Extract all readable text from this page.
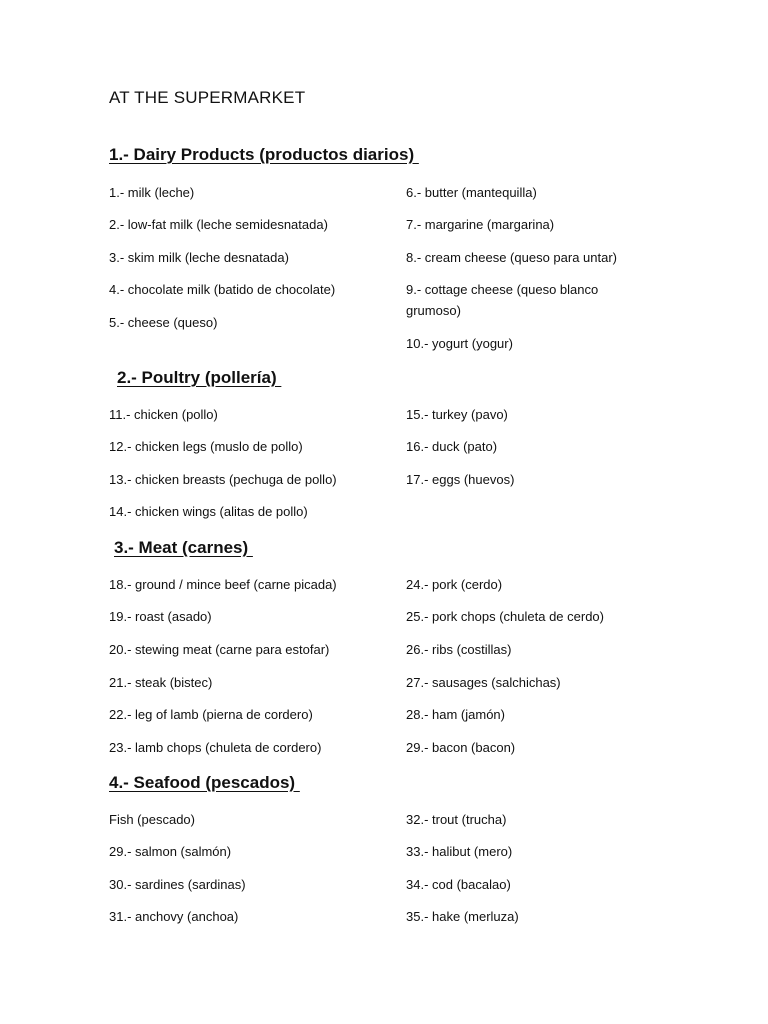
AT THE SUPERMARKET
1.- Dairy Products (productos diarios)
1.- milk (leche)
2.- low-fat milk (leche semidesnatada)
3.- skim milk (leche desnatada)
4.- chocolate milk (batido de chocolate)
5.- cheese (queso)
6.- butter (mantequilla)
7.- margarine (margarina)
8.- cream cheese (queso para untar)
9.- cottage cheese (queso blanco grumoso)
10.- yogurt (yogur)
2.- Poultry (pollería)
11.- chicken (pollo)
12.- chicken legs (muslo de pollo)
13.- chicken breasts (pechuga de pollo)
14.- chicken wings (alitas de pollo)
15.- turkey (pavo)
16.- duck (pato)
17.- eggs (huevos)
3.- Meat (carnes)
18.- ground / mince beef (carne picada)
19.- roast (asado)
20.- stewing meat (carne para estofar)
21.- steak (bistec)
22.- leg of lamb (pierna de cordero)
23.- lamb chops (chuleta de cordero)
24.- pork (cerdo)
25.- pork chops (chuleta de cerdo)
26.- ribs (costillas)
27.- sausages (salchichas)
28.- ham (jamón)
29.- bacon (bacon)
4.- Seafood (pescados)
Fish (pescado)
29.- salmon (salmón)
30.- sardines (sardinas)
31.- anchovy (anchoa)
32.- trout (trucha)
33.- halibut (mero)
34.- cod (bacalao)
35.- hake (merluza)
